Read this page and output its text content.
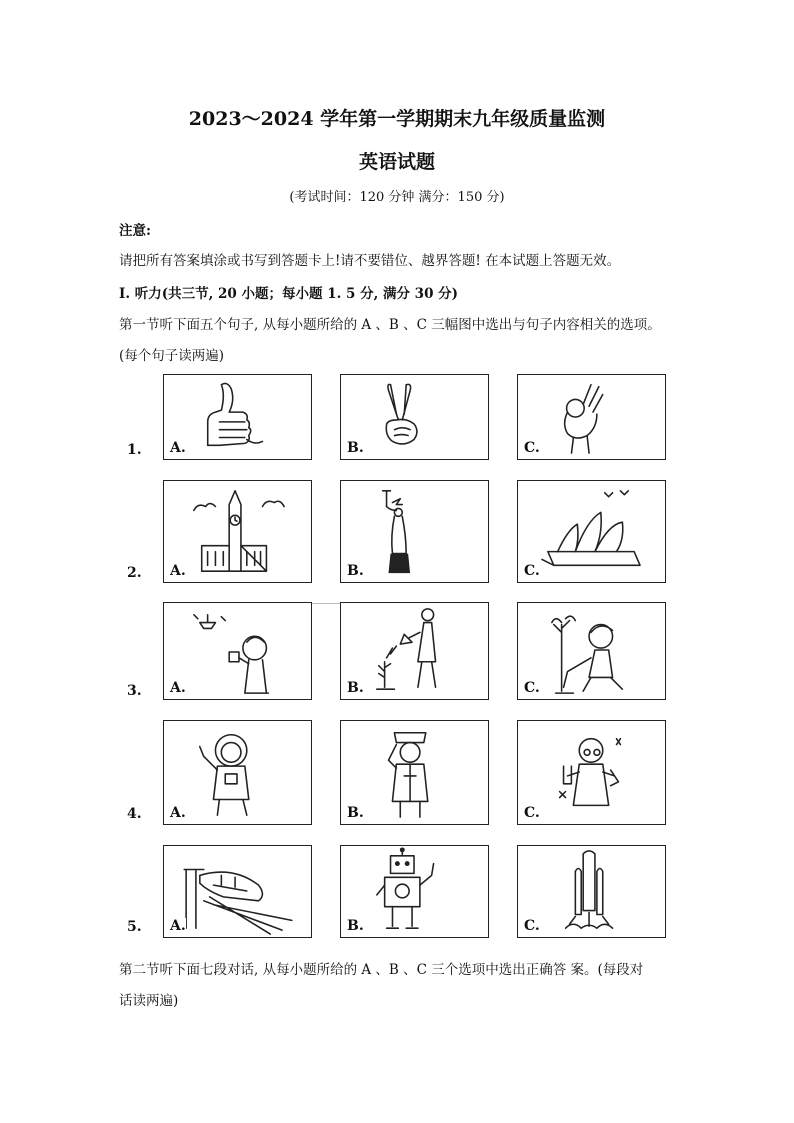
2023～2024 学年第一学期期末九年级质量监测
英语试题
(考试时间：120 分钟 满分：150 分)
注意:
请把所有答案填涂或书写到答题卡上!请不要错位、越界答题! 在本试题上答题无效。
I. 听力(共三节, 20 小题；每小题 1. 5 分, 满分 30 分)
第一节听下面五个句子, 从每小题所给的 A 、B 、C 三幅图中选出与句子内容相关的选项。
(每个句子读两遍)
1. A.	B.	C.
2. A.	B.	C.
3. A.	B.	C.
4. A.	B.	C.
5. A.	B.	C.
第二节听下面七段对话, 从每小题所给的 A 、B 、C 三个选项中选出正确答 案。(每段对
话读两遍)
